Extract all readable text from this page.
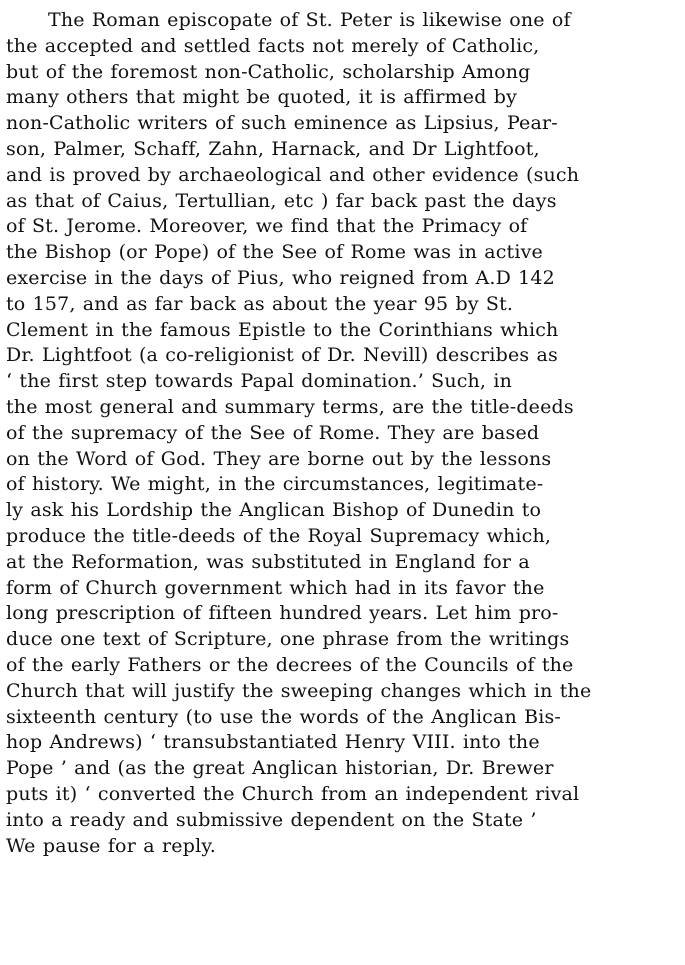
The Roman episcopate of St. Peter is likewise one of
the accepted and settled facts not merely of Catholic,
but of the foremost non-Catholic, scholarship Among
many others that might be quoted, it is affirmed by
non-Catholic writers of such eminence as Lipsius, Pear-
son, Palmer, Schaff, Zahn, Harnack, and Dr Lightfoot,
and is proved by archaeological and other evidence (such
as that of Caius, Tertullian, etc ) far back past the days
of St. Jerome. Moreover, we find that the Primacy of
the Bishop (or Pope) of the See of Rome was in active
exercise in the days of Pius, who reigned from A.D 142
to 157, and as far back as about the year 95 by St.
Clement in the famous Epistle to the Corinthians which
Dr. Lightfoot (a co-religionist of Dr. Nevill) describes as
‘ the first step towards Papal domination.’ Such, in
the most general and summary terms, are the title-deeds
of the supremacy of the See of Rome. They are based
on the Word of God. They are borne out by the lessons
of history. We might, in the circumstances, legitimate-
ly ask his Lordship the Anglican Bishop of Dunedin to
produce the title-deeds of the Royal Supremacy which,
at the Reformation, was substituted in England for a
form of Church government which had in its favor the
long prescription of fifteen hundred years. Let him pro-
duce one text of Scripture, one phrase from the writings
of the early Fathers or the decrees of the Councils of the
Church that will justify the sweeping changes which in the
sixteenth century (to use the words of the Anglican Bis-
hop Andrews) ‘ transubstantiated Henry VIII. into the
Pope ’ and (as the great Anglican historian, Dr. Brewer
puts it) ‘ converted the Church from an independent rival
into a ready and submissive dependent on the State ’
We pause for a reply.
